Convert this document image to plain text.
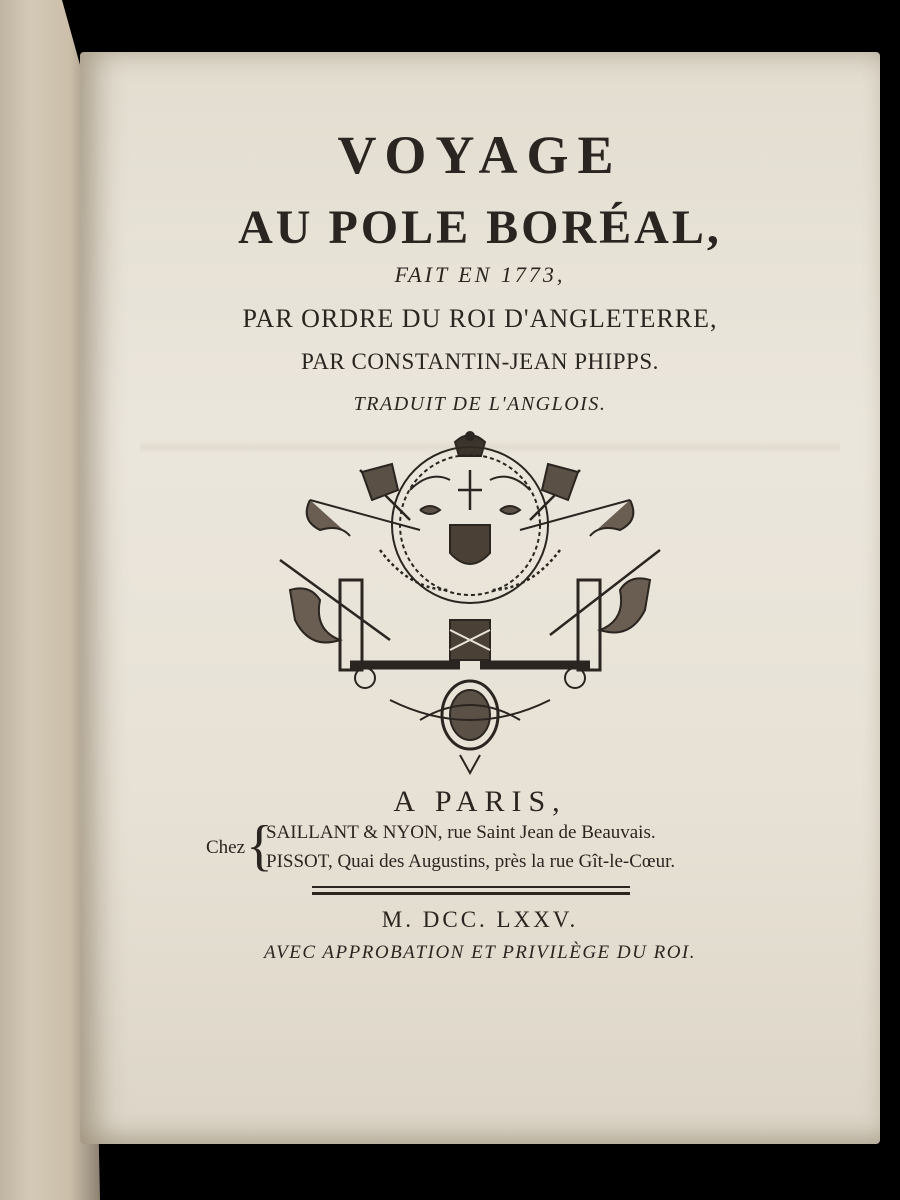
VOYAGE
AU POLE BORÉAL,
FAIT EN 1773,
PAR ORDRE DU ROI D'ANGLETERRE,
PAR CONSTANTIN-JEAN PHIPPS.
TRADUIT DE L'ANGLOIS.
A PARIS,
Chez {
SAILLANT & NYON, rue Saint Jean de Beauvais.
PISSOT, Quai des Augustins, près la rue Gît-le-Cœur.
M. DCC. LXXV.
AVEC APPROBATION ET PRIVILÈGE DU ROI.
